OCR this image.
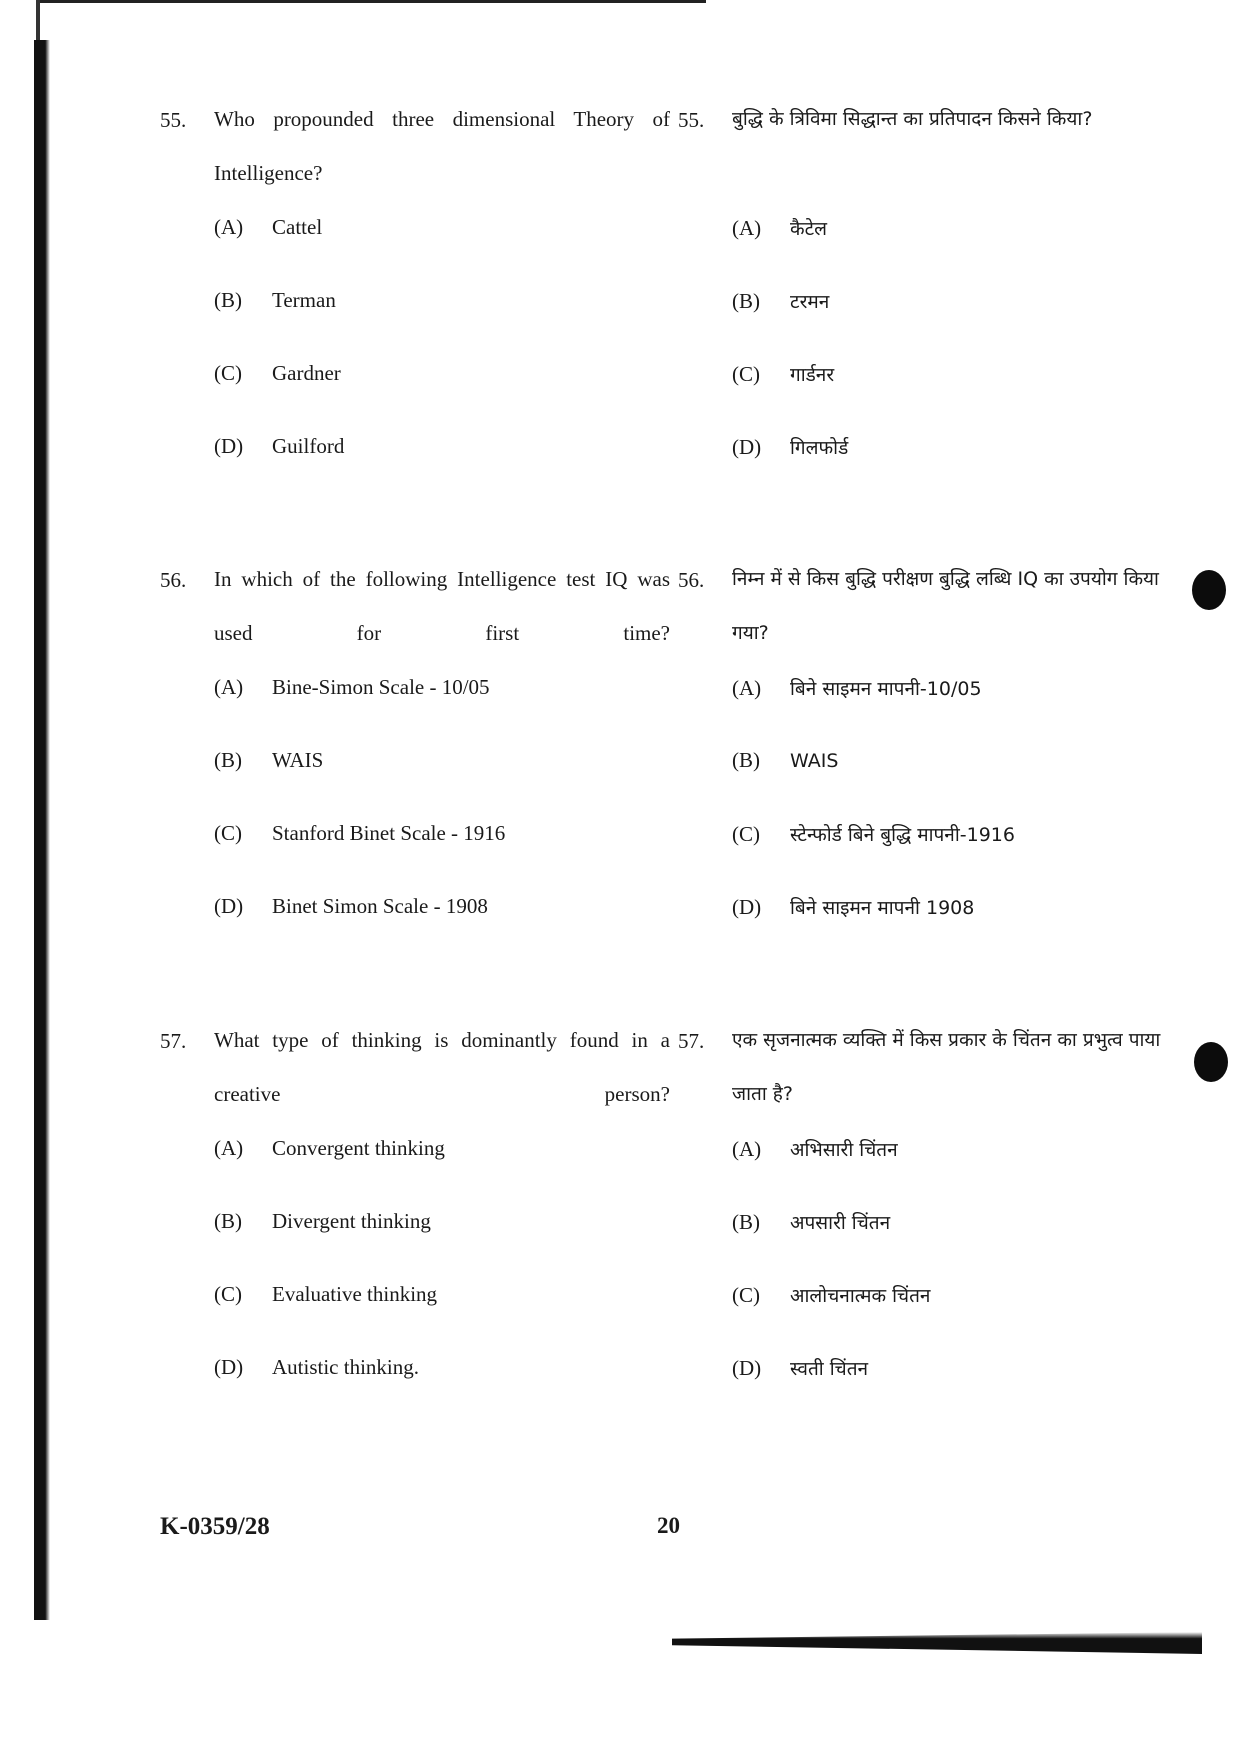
55. Who propounded three dimensional Theory of Intelligence?
(A) Cattel
(B) Terman
(C) Gardner
(D) Guilford
55. बुद्धि के त्रिविमा सिद्धान्त का प्रतिपादन किसने किया?
(A) कैटेल
(B) टरमन
(C) गार्डनर
(D) गिलफोर्ड
56. In which of the following Intelligence test IQ was used for first time?
(A) Bine-Simon Scale - 10/05
(B) WAIS
(C) Stanford Binet Scale - 1916
(D) Binet Simon Scale - 1908
56. निम्न में से किस बुद्धि परीक्षण बुद्धि लब्धि IQ का उपयोग किया गया?
(A) बिने साइमन मापनी-10/05
(B) WAIS
(C) स्टेन्फोर्ड बिने बुद्धि मापनी-1916
(D) बिने साइमन मापनी 1908
57. What type of thinking is dominantly found in a creative person?
(A) Convergent thinking
(B) Divergent thinking
(C) Evaluative thinking
(D) Autistic thinking.
57. एक सृजनात्मक व्यक्ति में किस प्रकार के चिंतन का प्रभुत्व पाया जाता है?
(A) अभिसारी चिंतन
(B) अपसारी चिंतन
(C) आलोचनात्मक चिंतन
(D) स्वती चिंतन
K-0359/28	20
